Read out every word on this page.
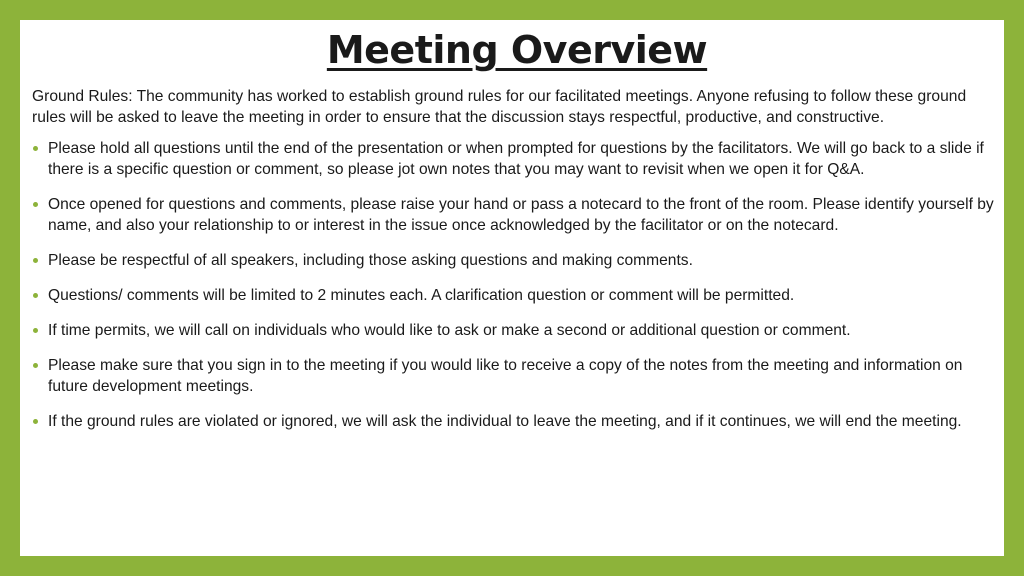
Meeting Overview

Ground Rules: The community has worked to establish ground rules for our facilitated meetings. Anyone refusing to follow these ground rules will be asked to leave the meeting in order to ensure that the discussion stays respectful, productive, and constructive.

Please hold all questions until the end of the presentation or when prompted for questions by the facilitators. We will go back to a slide if there is a specific question or comment, so please jot own notes that you may want to revisit when we open it for Q&A.
Once opened for questions and comments, please raise your hand or pass a notecard to the front of the room. Please identify yourself by name, and also your relationship to or interest in the issue once acknowledged by the facilitator or on the notecard.
Please be respectful of all speakers, including those asking questions and making comments.
Questions/ comments will be limited to 2 minutes each. A clarification question or comment will be permitted.
If time permits, we will call on individuals who would like to ask or make a second or additional question or comment.
Please make sure that you sign in to the meeting if you would like to receive a copy of the notes from the meeting and information on future development meetings.
If the ground rules are violated or ignored, we will ask the individual to leave the meeting, and if it continues, we will end the meeting.
